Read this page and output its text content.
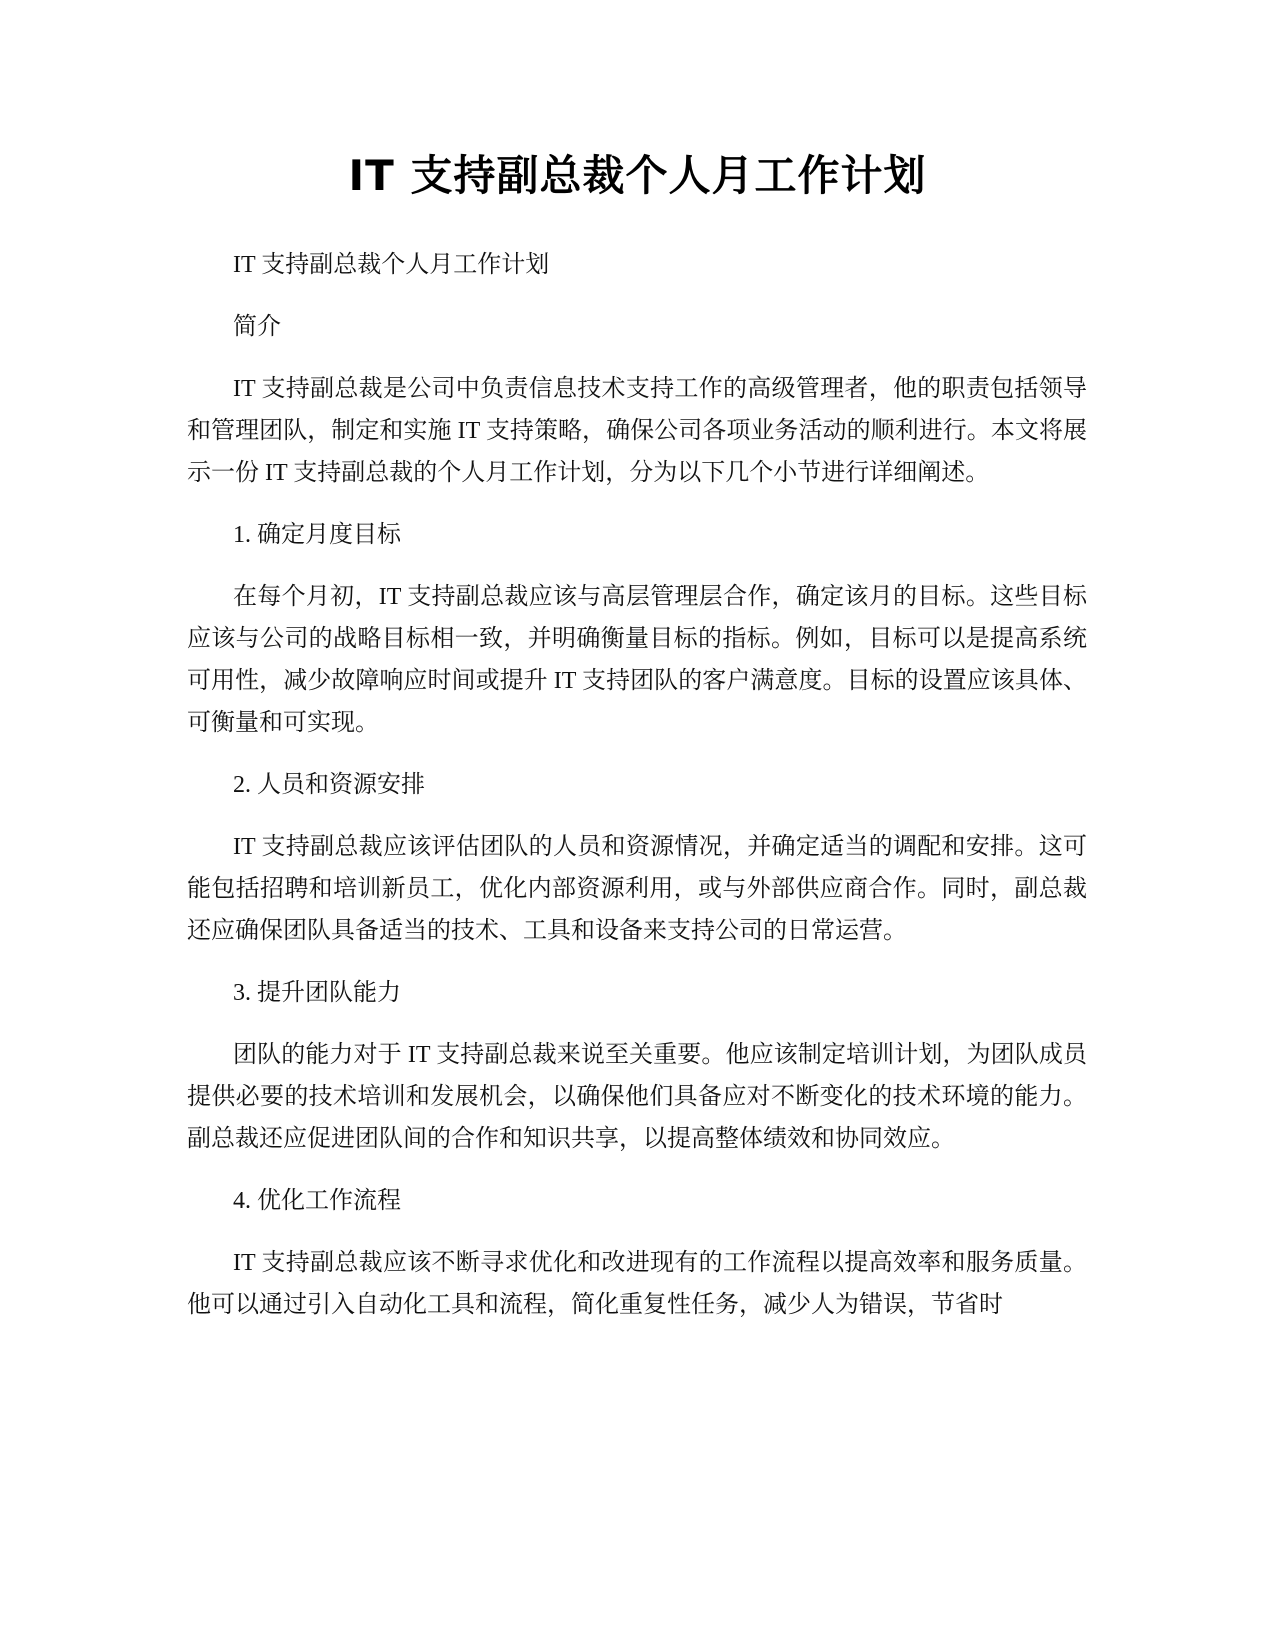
IT 支持副总裁个人月工作计划

IT 支持副总裁个人月工作计划

简介

IT 支持副总裁是公司中负责信息技术支持工作的高级管理者，他的职责包括领导和管理团队，制定和实施 IT 支持策略，确保公司各项业务活动的顺利进行。本文将展示一份 IT 支持副总裁的个人月工作计划，分为以下几个小节进行详细阐述。

1. 确定月度目标

在每个月初，IT 支持副总裁应该与高层管理层合作，确定该月的目标。这些目标应该与公司的战略目标相一致，并明确衡量目标的指标。例如，目标可以是提高系统可用性，减少故障响应时间或提升 IT 支持团队的客户满意度。目标的设置应该具体、可衡量和可实现。

2. 人员和资源安排

IT 支持副总裁应该评估团队的人员和资源情况，并确定适当的调配和安排。这可能包括招聘和培训新员工，优化内部资源利用，或与外部供应商合作。同时，副总裁还应确保团队具备适当的技术、工具和设备来支持公司的日常运营。

3. 提升团队能力

团队的能力对于 IT 支持副总裁来说至关重要。他应该制定培训计划，为团队成员提供必要的技术培训和发展机会，以确保他们具备应对不断变化的技术环境的能力。副总裁还应促进团队间的合作和知识共享，以提高整体绩效和协同效应。

4. 优化工作流程

IT 支持副总裁应该不断寻求优化和改进现有的工作流程以提高效率和服务质量。他可以通过引入自动化工具和流程，简化重复性任务，减少人为错误，节省时
